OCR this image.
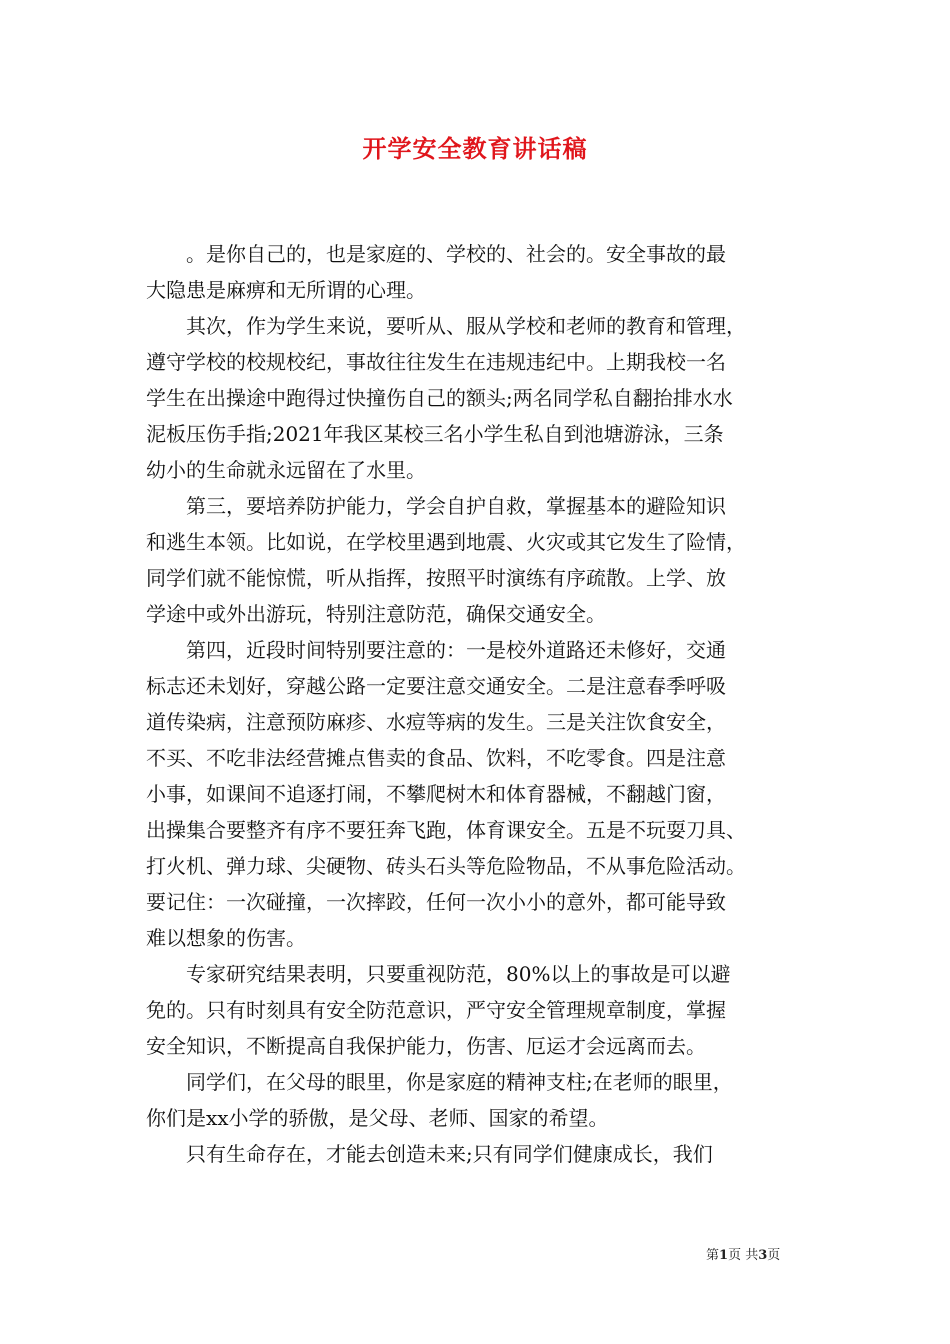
开学安全教育讲话稿
。是你自己的，也是家庭的、学校的、社会的。安全事故的最
大隐患是麻痹和无所谓的心理。
其次，作为学生来说，要听从、服从学校和老师的教育和管理，
遵守学校的校规校纪，事故往往发生在违规违纪中。上期我校一名
学生在出操途中跑得过快撞伤自己的额头;两名同学私自翻抬排水水
泥板压伤手指;2021年我区某校三名小学生私自到池塘游泳，三条
幼小的生命就永远留在了水里。
第三，要培养防护能力，学会自护自救，掌握基本的避险知识
和逃生本领。比如说，在学校里遇到地震、火灾或其它发生了险情，
同学们就不能惊慌，听从指挥，按照平时演练有序疏散。上学、放
学途中或外出游玩，特别注意防范，确保交通安全。
第四，近段时间特别要注意的：一是校外道路还未修好，交通
标志还未划好，穿越公路一定要注意交通安全。二是注意春季呼吸
道传染病，注意预防麻疹、水痘等病的发生。三是关注饮食安全，
不买、不吃非法经营摊点售卖的食品、饮料，不吃零食。四是注意
小事，如课间不追逐打闹，不攀爬树木和体育器械，不翻越门窗，
出操集合要整齐有序不要狂奔飞跑，体育课安全。五是不玩耍刀具、
打火机、弹力球、尖硬物、砖头石头等危险物品，不从事危险活动。
要记住：一次碰撞，一次摔跤，任何一次小小的意外，都可能导致
难以想象的伤害。
专家研究结果表明，只要重视防范，80%以上的事故是可以避
免的。只有时刻具有安全防范意识，严守安全管理规章制度，掌握
安全知识，不断提高自我保护能力，伤害、厄运才会远离而去。
同学们，在父母的眼里，你是家庭的精神支柱;在老师的眼里，
你们是xx小学的骄傲，是父母、老师、国家的希望。
只有生命存在，才能去创造未来;只有同学们健康成长，我们
第1页 共3页
